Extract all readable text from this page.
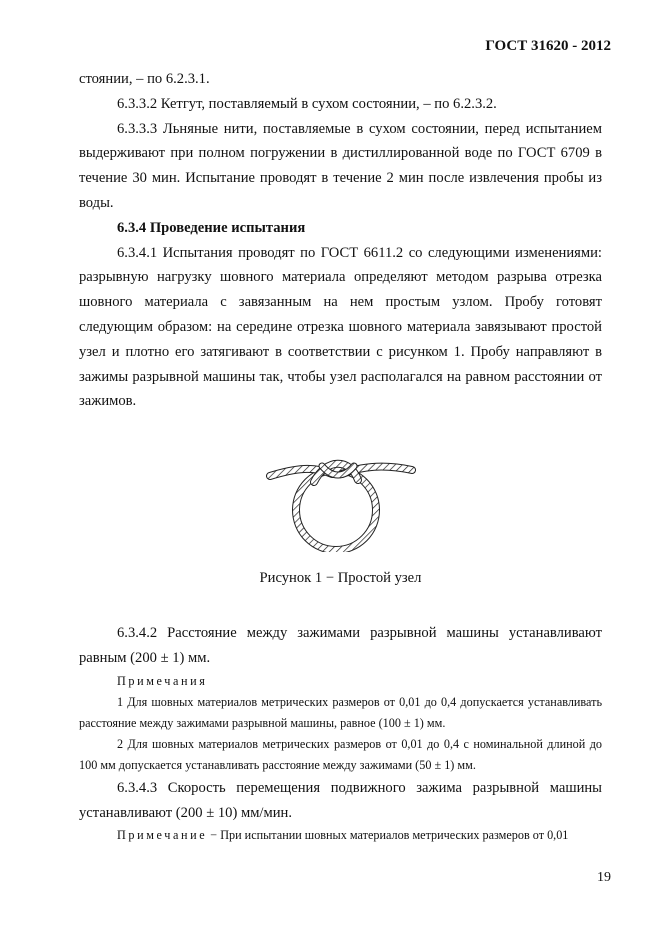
ГОСТ 31620 - 2012

стоянии, – по 6.2.3.1.

6.3.3.2 Кетгут, поставляемый в сухом состоянии, – по 6.2.3.2.

6.3.3.3 Льняные нити, поставляемые в сухом состоянии, перед испытанием выдерживают при полном погружении в дистиллированной воде по ГОСТ 6709 в течение 30 мин. Испытание проводят в течение 2 мин после извлечения пробы из воды.

6.3.4 Проведение испытания

6.3.4.1 Испытания проводят по ГОСТ 6611.2 со следующими изменениями: разрывную нагрузку шовного материала определяют методом разрыва отрезка шовного материала с завязанным на нем простым узлом. Пробу готовят следующим образом: на середине отрезка шовного материала завязывают простой узел и плотно его затягивают в соответствии с рисунком 1. Пробу направляют в зажимы разрывной машины так, чтобы узел располагался на равном расстоянии от зажимов.

Рисунок 1 − Простой узел

6.3.4.2 Расстояние между зажимами разрывной машины устанавливают равным (200 ± 1) мм.

Примечания

1 Для шовных материалов метрических размеров от 0,01 до 0,4 допускается устанавливать расстояние между зажимами разрывной машины, равное (100 ± 1) мм.

2 Для шовных материалов метрических размеров от 0,01 до 0,4 с номинальной длиной до 100 мм допускается устанавливать расстояние между зажимами (50 ± 1) мм.

6.3.4.3 Скорость перемещения подвижного зажима разрывной машины устанавливают (200 ± 10) мм/мин.

Примечание − При испытании шовных материалов метрических размеров от 0,01

19
